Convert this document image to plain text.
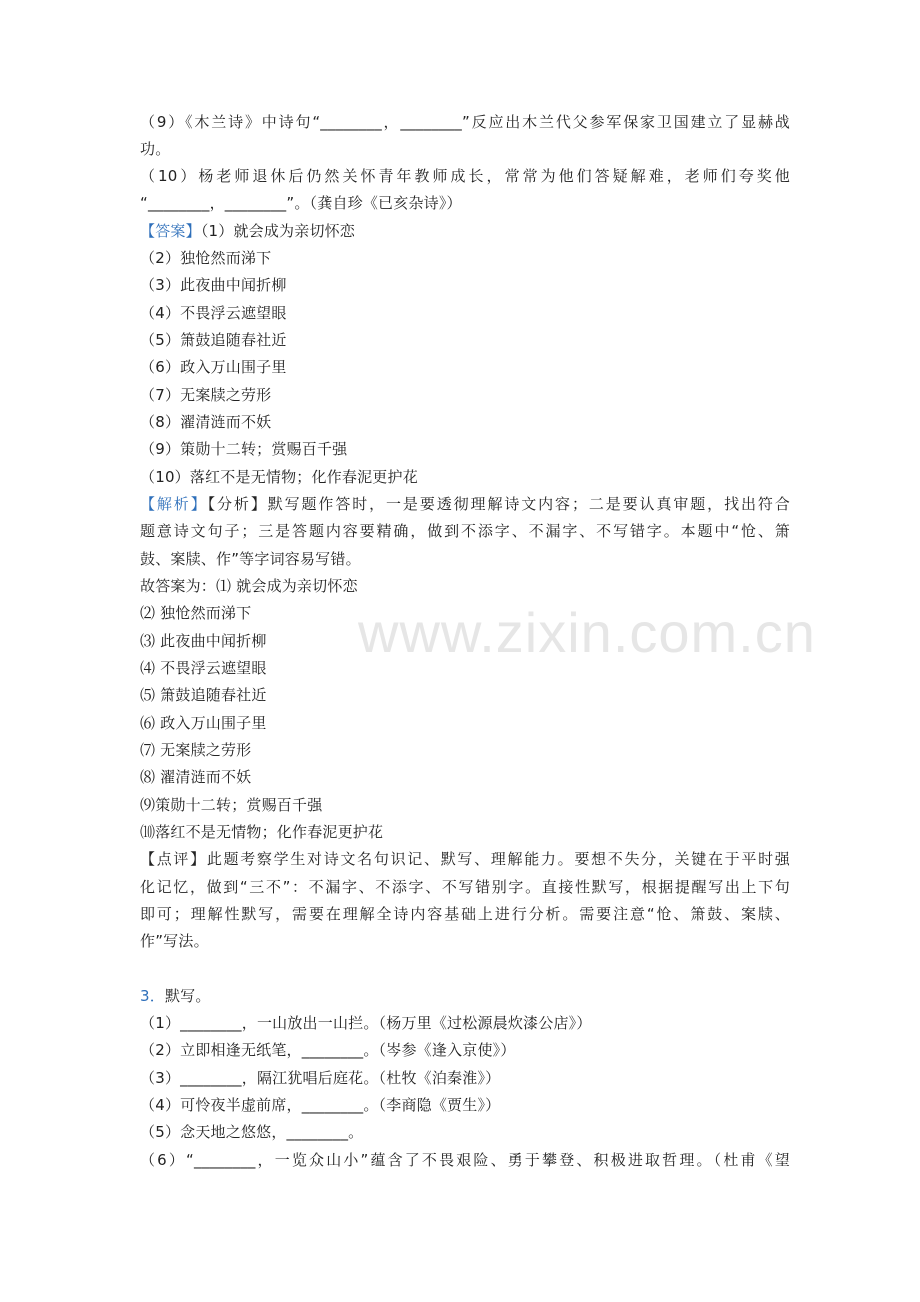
www.zixin.com.cn
（9）《木兰诗》中诗句“________，________”反应出木兰代父参军保家卫国建立了显赫战
功。
（10）杨老师退休后仍然关怀青年教师成长，常常为他们答疑解难，老师们夸奖他
“________，________”。（龚自珍《已亥杂诗》）
【答案】（1）就会成为亲切怀恋
（2）独怆然而涕下
（3）此夜曲中闻折柳
（4）不畏浮云遮望眼
（5）箫鼓追随春社近
（6）政入万山围子里
（7）无案牍之劳形
（8）濯清涟而不妖
（9）策勋十二转；赏赐百千强
（10）落红不是无情物；化作春泥更护花
【解析】【分析】默写题作答时，一是要透彻理解诗文内容；二是要认真审题，找出符合
题意诗文句子；三是答题内容要精确，做到不添字、不漏字、不写错字。本题中“怆、箫
鼓、案牍、作”等字词容易写错。
故答案为：⑴ 就会成为亲切怀恋
⑵ 独怆然而涕下
⑶ 此夜曲中闻折柳
⑷ 不畏浮云遮望眼
⑸ 箫鼓追随春社近
⑹ 政入万山围子里
⑺ 无案牍之劳形
⑻ 濯清涟而不妖
⑼策勋十二转；赏赐百千强
⑽落红不是无情物；化作春泥更护花
【点评】此题考察学生对诗文名句识记、默写、理解能力。要想不失分，关键在于平时强
化记忆，做到“三不”：不漏字、不添字、不写错别字。直接性默写，根据提醒写出上下句
即可；理解性默写，需要在理解全诗内容基础上进行分析。需要注意“怆、箫鼓、案牍、
作”写法。
3．默写。
（1）________，一山放出一山拦。（杨万里《过松源晨炊漆公店》）
（2）立即相逢无纸笔，________。（岑参《逢入京使》）
（3）________，隔江犹唱后庭花。（杜牧《泊秦淮》）
（4）可怜夜半虚前席，________。（李商隐《贾生》）
（5）念天地之悠悠，________。
（6）“________，一览众山小”蕴含了不畏艰险、勇于攀登、积极进取哲理。（杜甫《望
